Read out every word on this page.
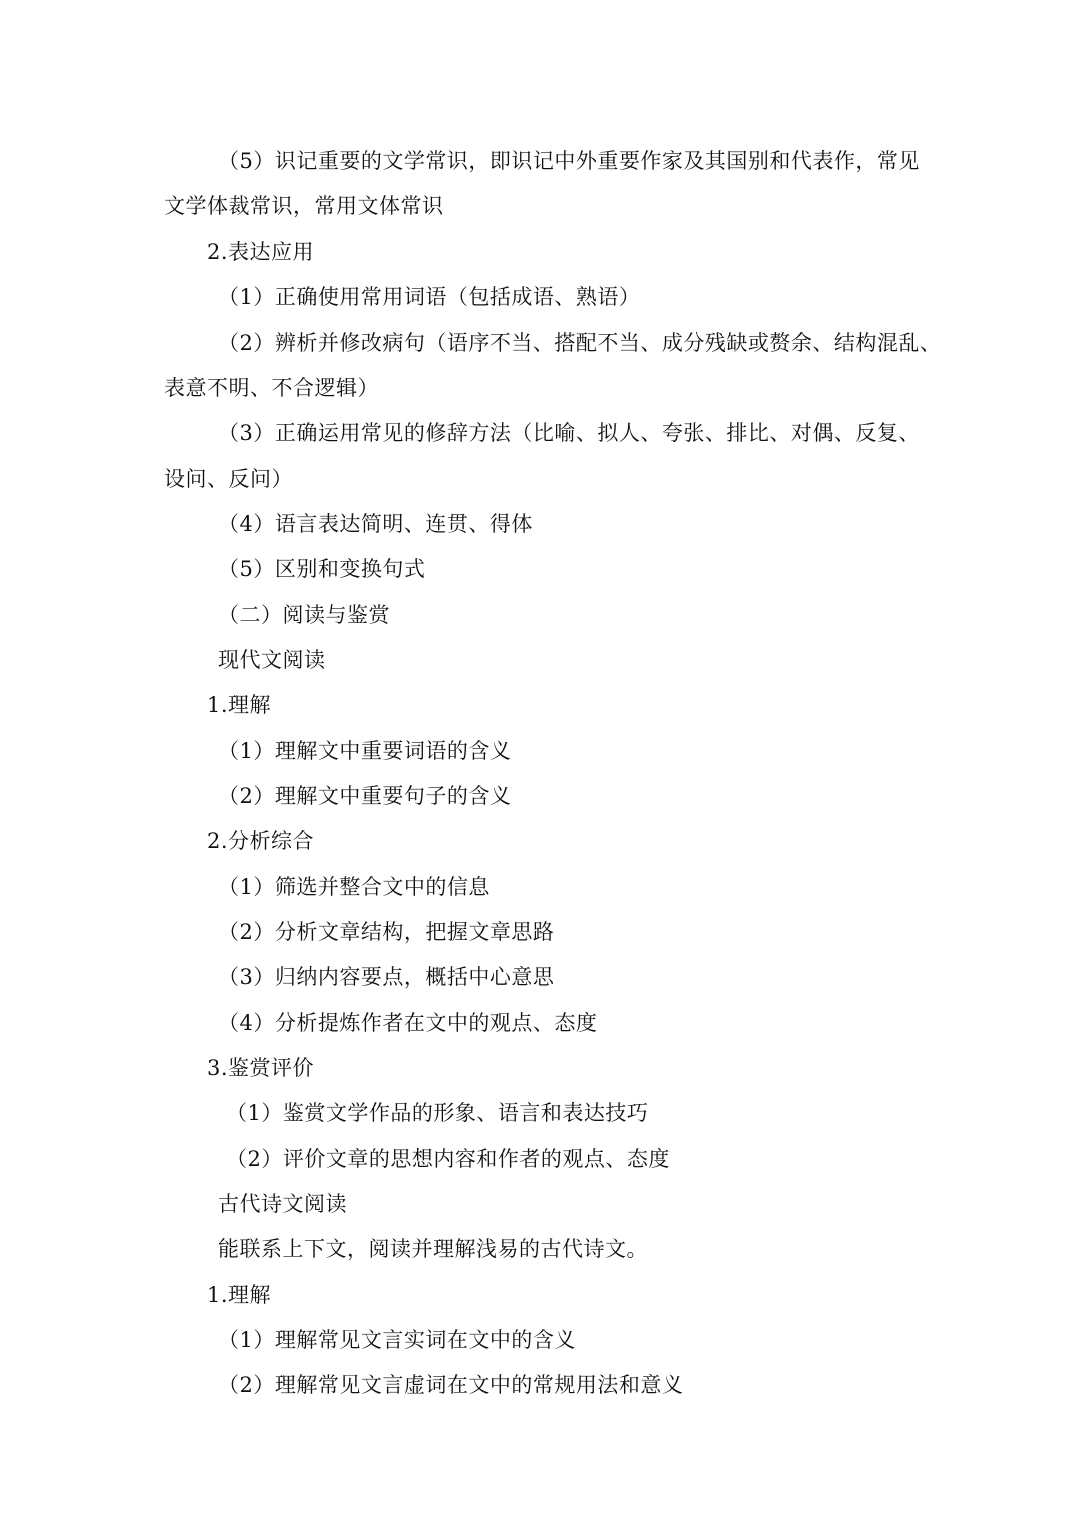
（5）识记重要的文学常识，即识记中外重要作家及其国别和代表作，常见
文学体裁常识，常用文体常识
2.表达应用
（1）正确使用常用词语（包括成语、熟语）
（2）辨析并修改病句（语序不当、搭配不当、成分残缺或赘余、结构混乱、
表意不明、不合逻辑）
（3）正确运用常见的修辞方法（比喻、拟人、夸张、排比、对偶、反复、
设问、反问）
（4）语言表达简明、连贯、得体
（5）区别和变换句式
（二）阅读与鉴赏
现代文阅读
1.理解
（1）理解文中重要词语的含义
（2）理解文中重要句子的含义
2.分析综合
（1）筛选并整合文中的信息
（2）分析文章结构，把握文章思路
（3）归纳内容要点，概括中心意思
（4）分析提炼作者在文中的观点、态度
3.鉴赏评价
（1）鉴赏文学作品的形象、语言和表达技巧
（2）评价文章的思想内容和作者的观点、态度
古代诗文阅读
能联系上下文，阅读并理解浅易的古代诗文。
1.理解
（1）理解常见文言实词在文中的含义
（2）理解常见文言虚词在文中的常规用法和意义
